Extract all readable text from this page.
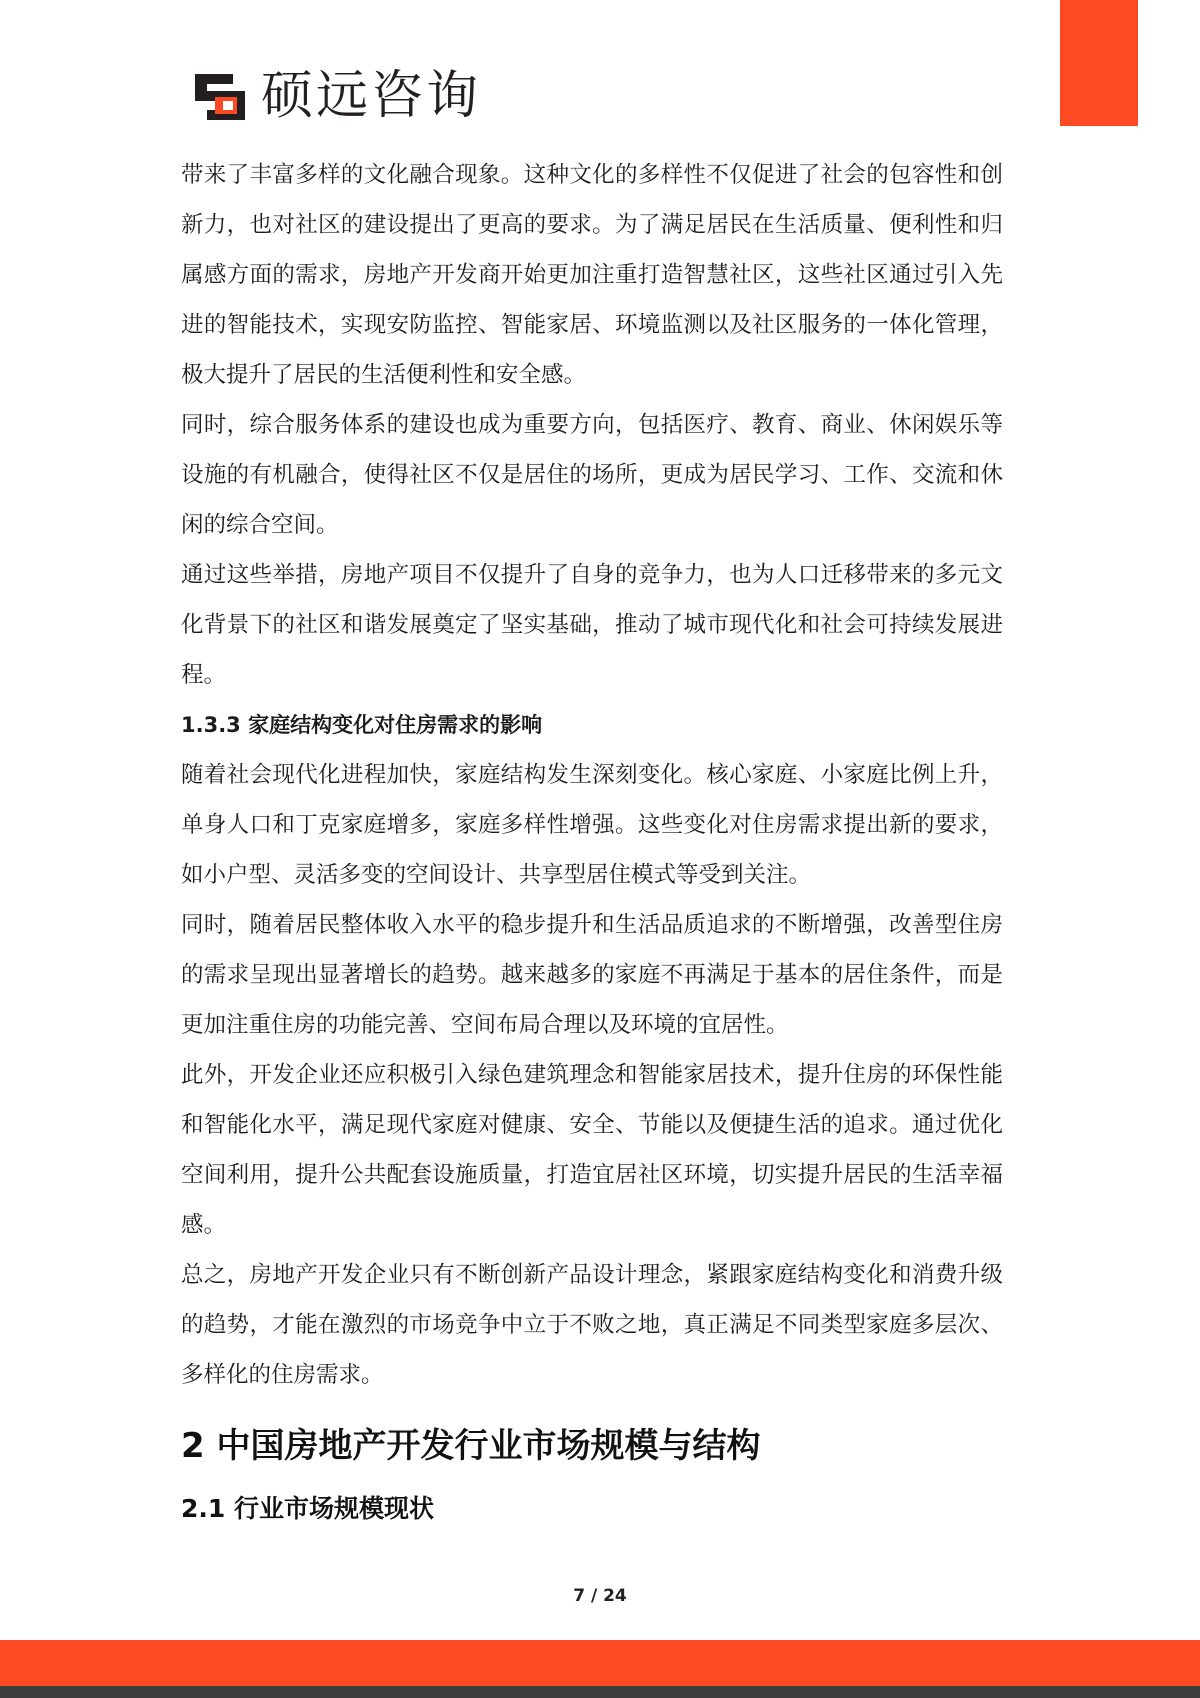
硕远咨询

带来了丰富多样的文化融合现象。这种文化的多样性不仅促进了社会的包容性和创新力，也对社区的建设提出了更高的要求。为了满足居民在生活质量、便利性和归属感方面的需求，房地产开发商开始更加注重打造智慧社区，这些社区通过引入先进的智能技术，实现安防监控、智能家居、环境监测以及社区服务的一体化管理，极大提升了居民的生活便利性和安全感。

同时，综合服务体系的建设也成为重要方向，包括医疗、教育、商业、休闲娱乐等设施的有机融合，使得社区不仅是居住的场所，更成为居民学习、工作、交流和休闲的综合空间。

通过这些举措，房地产项目不仅提升了自身的竞争力，也为人口迁移带来的多元文化背景下的社区和谐发展奠定了坚实基础，推动了城市现代化和社会可持续发展进程。

1.3.3 家庭结构变化对住房需求的影响

随着社会现代化进程加快，家庭结构发生深刻变化。核心家庭、小家庭比例上升，单身人口和丁克家庭增多，家庭多样性增强。这些变化对住房需求提出新的要求，如小户型、灵活多变的空间设计、共享型居住模式等受到关注。

同时，随着居民整体收入水平的稳步提升和生活品质追求的不断增强，改善型住房的需求呈现出显著增长的趋势。越来越多的家庭不再满足于基本的居住条件，而是更加注重住房的功能完善、空间布局合理以及环境的宜居性。

此外，开发企业还应积极引入绿色建筑理念和智能家居技术，提升住房的环保性能和智能化水平，满足现代家庭对健康、安全、节能以及便捷生活的追求。通过优化空间利用，提升公共配套设施质量，打造宜居社区环境，切实提升居民的生活幸福感。

总之，房地产开发企业只有不断创新产品设计理念，紧跟家庭结构变化和消费升级的趋势，才能在激烈的市场竞争中立于不败之地，真正满足不同类型家庭多层次、多样化的住房需求。

2 中国房地产开发行业市场规模与结构
2.1 行业市场规模现状
7 / 24
